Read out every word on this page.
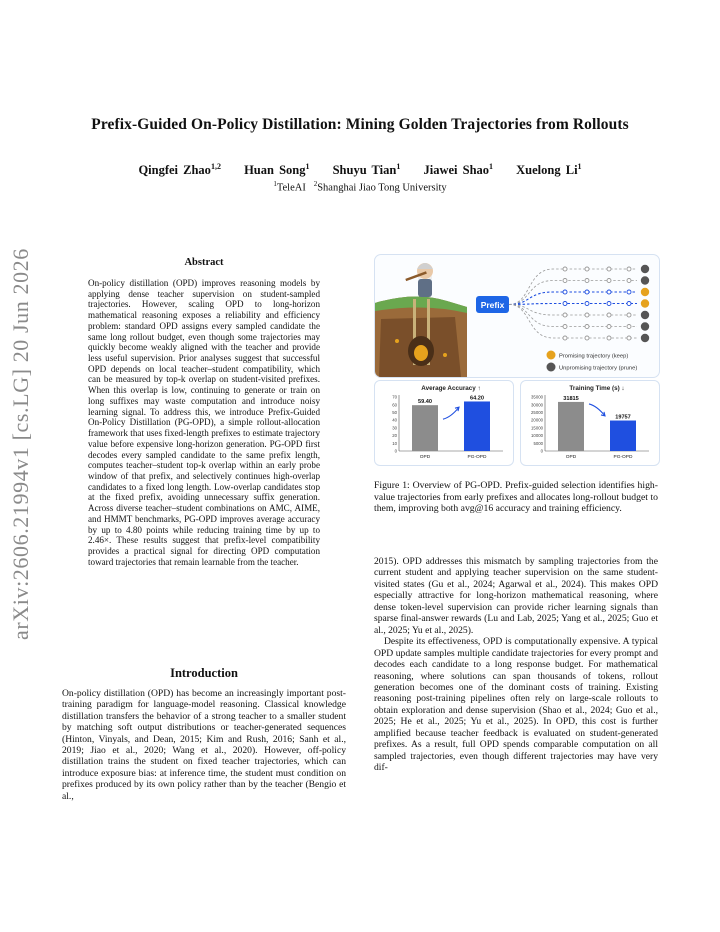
arXiv:2606.21994v1 [cs.LG] 20 Jun 2026
Prefix-Guided On-Policy Distillation: Mining Golden Trajectories from Rollouts
Qingfei Zhao$^{1,2}$ Huan Song$^1$ Shuyu Tian$^1$ Jiawei Shao$^1$ Xuelong Li$^1$
$^1$TeleAI $^2$Shanghai Jiao Tong University
Abstract
On-policy distillation (OPD) improves reasoning models by applying dense teacher supervision on student-sampled trajectories. However, scaling OPD to long-horizon mathematical reasoning exposes a reliability and efficiency problem: standard OPD assigns every sampled candidate the same long rollout budget, even though some trajectories may quickly become weakly aligned with the teacher and provide less useful supervision. Prior analyses suggest that successful OPD depends on local teacher–student compatibility, which can be measured by top-k overlap on student-visited prefixes. When this overlap is low, continuing to generate or train on long suffixes may waste computation and introduce noisy learning signal. To address this, we introduce Prefix-Guided On-Policy Distillation (PG-OPD), a simple rollout-allocation framework that uses fixed-length prefixes to estimate trajectory value before expensive long-horizon generation. PG-OPD first decodes every sampled candidate to the same prefix length, computes teacher–student top-k overlap within an early probe window of that prefix, and selectively continues high-overlap candidates to a fixed long length. Low-overlap candidates stop at the fixed prefix, avoiding unnecessary suffix generation. Across diverse teacher–student combinations on AMC, AIME, and HMMT benchmarks, PG-OPD improves average accuracy by up to 4.80 points while reducing training time by up to 2.46×. These results suggest that prefix-level compatibility provides a practical signal for directing OPD computation toward trajectories that remain learnable from the teacher.
Introduction
On-policy distillation (OPD) has become an increasingly important post-training paradigm for language-model reasoning. Classical knowledge distillation transfers the behavior of a strong teacher to a smaller student by matching soft output distributions or teacher-generated sequences (Hinton, Vinyals, and Dean, 2015; Kim and Rush, 2016; Sanh et al., 2019; Jiao et al., 2020; Wang et al., 2020). However, off-policy distillation trains the student on fixed teacher trajectories, which can introduce exposure bias: at inference time, the student must condition on prefixes produced by its own policy rather than by the teacher (Bengio et al.,
Prefix
Promising trajectory (keep)
Unpromising trajectory (prune)
Average Accuracy ↑
0
10
20
30
40
50
60
70
59.40
OPD
64.20
PG-OPD
Training Time (s) ↓
0
5000
10000
15000
20000
25000
30000
35000	31815
OPD
19757
PG-OPD
Figure 1: Overview of PG-OPD. Prefix-guided selection identifies high-value trajectories from early prefixes and allocates long-rollout budget to them, improving both avg@16 accuracy and training efficiency.
2015). OPD addresses this mismatch by sampling trajectories from the current student and applying teacher supervision on the same student-visited states (Gu et al., 2024; Agarwal et al., 2024). This makes OPD especially attractive for long-horizon mathematical reasoning, where dense token-level supervision can provide richer learning signals than sparse final-answer rewards (Lu and Lab, 2025; Yang et al., 2025; Guo et al., 2025; Yu et al., 2025).
Despite its effectiveness, OPD is computationally expensive. A typical OPD update samples multiple candidate trajectories for every prompt and decodes each candidate to a long response budget. For mathematical reasoning, where solutions can span thousands of tokens, rollout generation becomes one of the dominant costs of training. Existing reasoning post-training pipelines often rely on large-scale rollouts to obtain exploration and dense supervision (Shao et al., 2024; Guo et al., 2025; He et al., 2025; Yu et al., 2025). In OPD, this cost is further amplified because teacher feedback is evaluated on student-generated prefixes. As a result, full OPD spends comparable computation on all sampled trajectories, even though different trajectories may have very dif-
